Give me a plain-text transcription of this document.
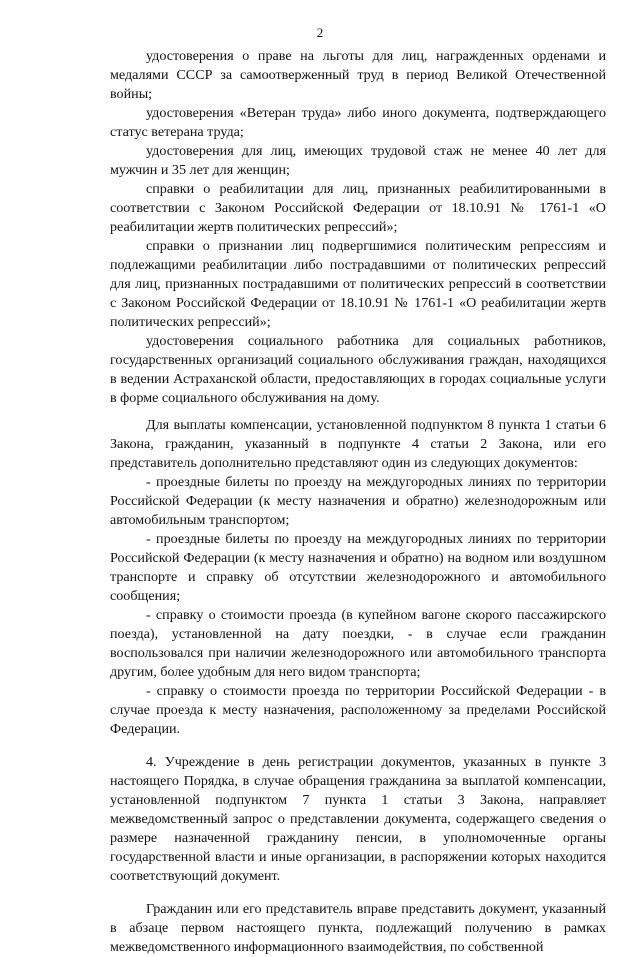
2

удостоверения о праве на льготы для лиц, награжденных орденами и медалями СССР за самоотверженный труд в период Великой Отечественной войны;

удостоверения «Ветеран труда» либо иного документа, подтверждающего статус ветерана труда;

удостоверения для лиц, имеющих трудовой стаж не менее 40 лет для мужчин и 35 лет для женщин;

справки о реабилитации для лиц, признанных реабилитированными в соответствии с Законом Российской Федерации от 18.10.91 № 1761-1 «О реабилитации жертв политических репрессий»;

справки о признании лиц подвергшимися политическим репрессиям и подлежащими реабилитации либо пострадавшими от политических репрессий для лиц, признанных пострадавшими от политических репрессий в соответствии с Законом Российской Федерации от 18.10.91 № 1761-1 «О реабилитации жертв политических репрессий»;

удостоверения социального работника для социальных работников, государственных организаций социального обслуживания граждан, находящихся в ведении Астраханской области, предоставляющих в городах социальные услуги в форме социального обслуживания на дому.

Для выплаты компенсации, установленной подпунктом 8 пункта 1 статьи 6 Закона, гражданин, указанный в подпункте 4 статьи 2 Закона, или его представитель дополнительно представляют один из следующих документов:

- проездные билеты по проезду на междугородных линиях по территории Российской Федерации (к месту назначения и обратно) железнодорожным или автомобильным транспортом;

- проездные билеты по проезду на междугородных линиях по территории Российской Федерации (к месту назначения и обратно) на водном или воздушном транспорте и справку об отсутствии железнодорожного и автомобильного сообщения;

- справку о стоимости проезда (в купейном вагоне скорого пассажирского поезда), установленной на дату поездки, - в случае если гражданин воспользовался при наличии железнодорожного или автомобильного транспорта другим, более удобным для него видом транспорта;

- справку о стоимости проезда по территории Российской Федерации - в случае проезда к месту назначения, расположенному за пределами Российской Федерации.

4. Учреждение в день регистрации документов, указанных в пункте 3 настоящего Порядка, в случае обращения гражданина за выплатой компенсации, установленной подпунктом 7 пункта 1 статьи 3 Закона, направляет межведомственный запрос о представлении документа, содержащего сведения о размере назначенной гражданину пенсии, в уполномоченные органы государственной власти и иные организации, в распоряжении которых находится соответствующий документ.

Гражданин или его представитель вправе представить документ, указанный в абзаце первом настоящего пункта, подлежащий получению в рамках межведомственного информационного взаимодействия, по собственной
